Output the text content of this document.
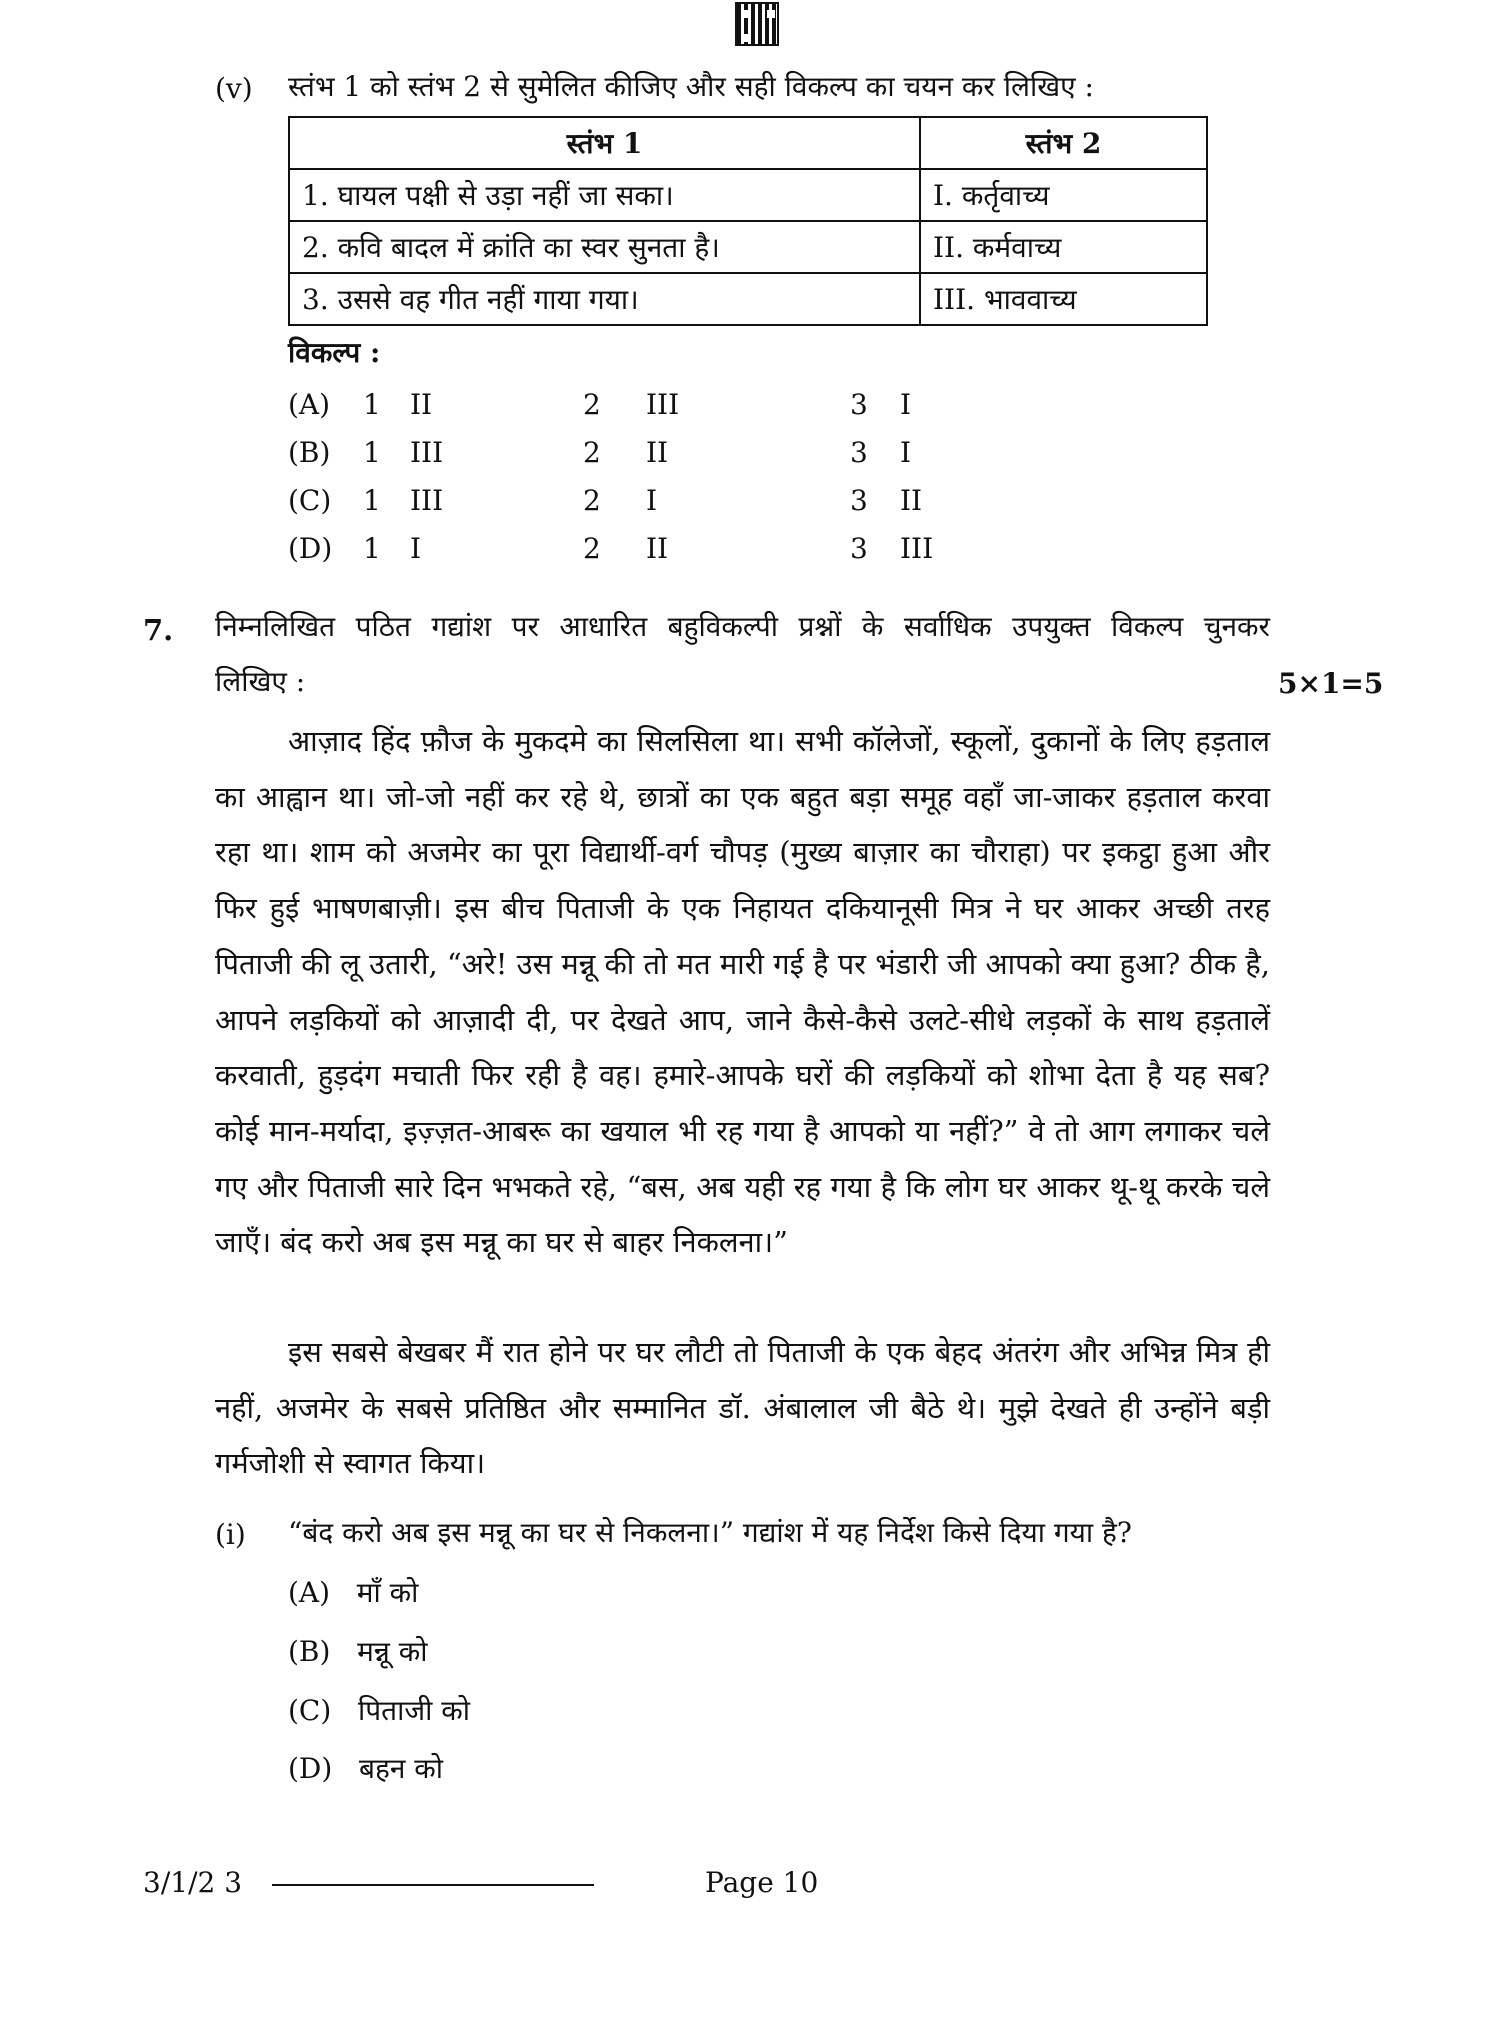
(v) स्तंभ 1 को स्तंभ 2 से सुमेलित कीजिए और सही विकल्प का चयन कर लिखिए :
स्तंभ 1	स्तंभ 2
1. घायल पक्षी से उड़ा नहीं जा सका।	I. कर्तृवाच्य
2. कवि बादल में क्रांति का स्वर सुनता है।	II. कर्मवाच्य
3. उससे वह गीत नहीं गाया गया।	III. भाववाच्य
विकल्प :
(A) 1 II	2 III	3 I
(B) 1 III	2 II	3 I
(C) 1 III	2 I	3 II
(D) 1 I	2 II	3 III
7. निम्नलिखित पठित गद्यांश पर आधारित बहुविकल्पी प्रश्नों के सर्वाधिक उपयुक्त विकल्प चुनकर
लिखिए :	5×1=5
आज़ाद हिंद फ़ौज के मुकदमे का सिलसिला था। सभी कॉलेजों, स्कूलों, दुकानों के लिए हड़ताल का आह्वान था। जो-जो नहीं कर रहे थे, छात्रों का एक बहुत बड़ा समूह वहाँ जा-जाकर हड़ताल करवा रहा था। शाम को अजमेर का पूरा विद्यार्थी-वर्ग चौपड़ (मुख्य बाज़ार का चौराहा) पर इकट्ठा हुआ और फिर हुई भाषणबाज़ी। इस बीच पिताजी के एक निहायत दकियानूसी मित्र ने घर आकर अच्छी तरह पिताजी की लू उतारी, “अरे! उस मन्नू की तो मत मारी गई है पर भंडारी जी आपको क्या हुआ? ठीक है, आपने लड़कियों को आज़ादी दी, पर देखते आप, जाने कैसे-कैसे उलटे-सीधे लड़कों के साथ हड़तालें करवाती, हुड़दंग मचाती फिर रही है वह। हमारे-आपके घरों की लड़कियों को शोभा देता है यह सब? कोई मान-मर्यादा, इज़्ज़त-आबरू का खयाल भी रह गया है आपको या नहीं?” वे तो आग लगाकर चले गए और पिताजी सारे दिन भभकते रहे, “बस, अब यही रह गया है कि लोग घर आकर थू-थू करके चले जाएँ। बंद करो अब इस मन्नू का घर से बाहर निकलना।”
इस सबसे बेखबर मैं रात होने पर घर लौटी तो पिताजी के एक बेहद अंतरंग और अभिन्न मित्र ही नहीं, अजमेर के सबसे प्रतिष्ठित और सम्मानित डॉ. अंबालाल जी बैठे थे। मुझे देखते ही उन्होंने बड़ी गर्मजोशी से स्वागत किया।
(i) “बंद करो अब इस मन्नू का घर से निकलना।” गद्यांश में यह निर्देश किसे दिया गया है?
(A) माँ को
(B) मन्नू को
(C) पिताजी को
(D) बहन को
3/1/2 3	Page 10
